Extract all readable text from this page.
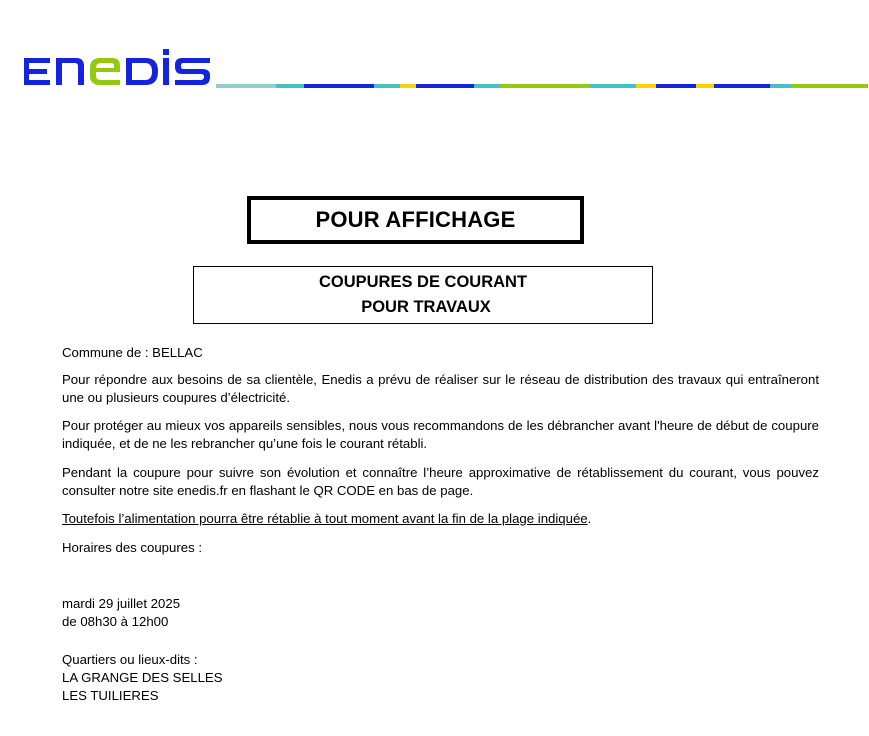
POUR AFFICHAGE
COUPURES DE COURANT
POUR TRAVAUX

Commune de : BELLAC

Pour répondre aux besoins de sa clientèle, Enedis a prévu de réaliser sur le réseau de distribution des travaux qui entraîneront une ou plusieurs coupures d’électricité.

Pour protéger au mieux vos appareils sensibles, nous vous recommandons de les débrancher avant l'heure de début de coupure indiquée, et de ne les rebrancher qu’une fois le courant rétabli.

Pendant la coupure pour suivre son évolution et connaître l’heure approximative de rétablissement du courant, vous pouvez consulter notre site enedis.fr en flashant le QR CODE en bas de page.

Toutefois l’alimentation pourra être rétablie à tout moment avant la fin de la plage indiquée.

Horaires des coupures :

mardi 29 juillet 2025

de 08h30 à 12h00

Quartiers ou lieux-dits :

LA GRANGE DES SELLES

LES TUILIERES
